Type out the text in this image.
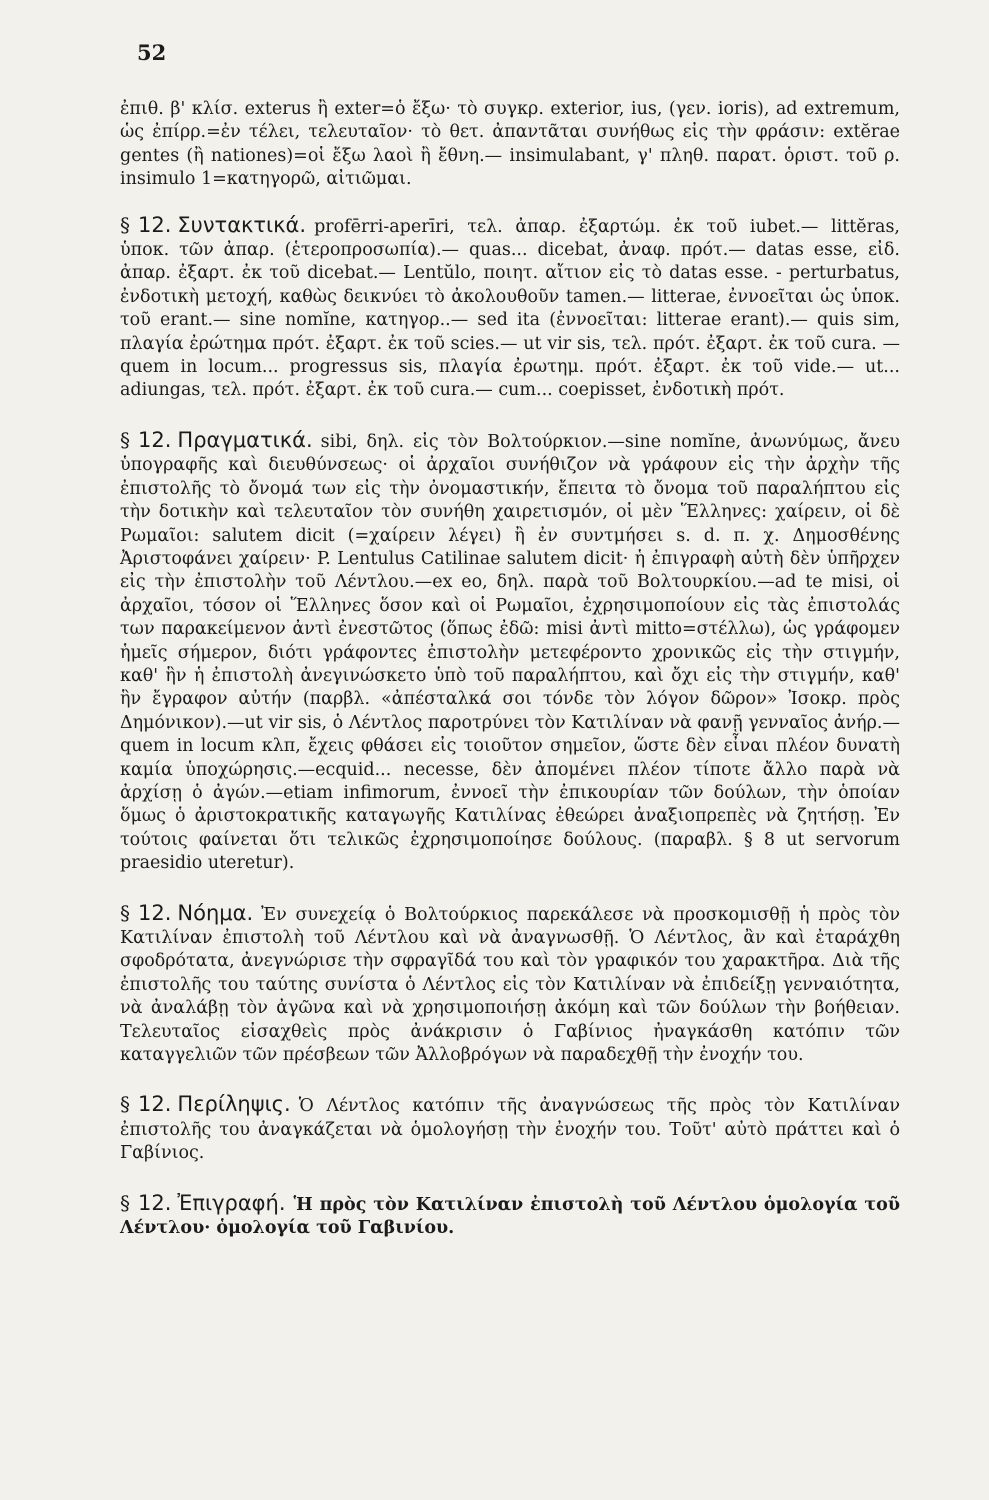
52

ἐπιθ. β' κλίσ. exterus ἢ exter=ὁ ἔξω· τὸ συγκρ. exterior, ius, (γεν. ioris), ad extremum, ὡς ἐπίρρ.=ἐν τέλει, τελευταῖον· τὸ θετ. ἀπαντᾶται συνήθως εἰς τὴν φράσιν: extĕrae gentes (ἢ nationes)=οἱ ἔξω λαοὶ ἢ ἔθνη.— insimulabant, γ' πληθ. παρατ. ὁριστ. τοῦ ρ. insimulo 1=κατηγορῶ, αἰτιῶμαι.

§ 12. Συντακτικά. profērri-aperīri, τελ. ἀπαρ. ἐξαρτώμ. ἐκ τοῦ iubet.— littĕras, ὑποκ. τῶν ἀπαρ. (ἑτεροπροσωπία).— quas... dicebat, ἀναφ. πρότ.— datas esse, εἰδ. ἀπαρ. ἐξαρτ. ἐκ τοῦ dicebat.— Lentŭlo, ποιητ. αἴτιον εἰς τὸ datas esse. - perturbatus, ἐνδοτικὴ μετοχή, καθὼς δεικνύει τὸ ἀκολουθοῦν tamen.— litterae, ἐννοεῖται ὡς ὑποκ. τοῦ erant.— sine nomĭne, κατηγορ..— sed ita (ἐννοεῖται: litterae erant).— quis sim, πλαγία ἐρώτημα πρότ. ἐξαρτ. ἐκ τοῦ scies.— ut vir sis, τελ. πρότ. ἐξαρτ. ἐκ τοῦ cura. — quem in locum... progressus sis, πλαγία ἐρωτημ. πρότ. ἐξαρτ. ἐκ τοῦ vide.— ut... adiungas, τελ. πρότ. ἐξαρτ. ἐκ τοῦ cura.— cum... coepisset, ἐνδοτικὴ πρότ.

§ 12. Πραγματικά. sibi, δηλ. εἰς τὸν Βολτούρκιον.—sine nomĭne, ἀνωνύμως, ἄνευ ὑπογραφῆς καὶ διευθύνσεως· οἱ ἀρχαῖοι συνήθιζον νὰ γράφουν εἰς τὴν ἀρχὴν τῆς ἐπιστολῆς τὸ ὄνομά των εἰς τὴν ὀνομαστικήν, ἔπειτα τὸ ὄνομα τοῦ παραλήπτου εἰς τὴν δοτικὴν καὶ τελευταῖον τὸν συνήθη χαιρετισμόν, οἱ μὲν Ἕλληνες: χαίρειν, οἱ δὲ Ρωμαῖοι: salutem dicit (=χαίρειν λέγει) ἢ ἐν συντμήσει s. d. π. χ. Δημοσθένης Ἀριστοφάνει χαίρειν· P. Lentulus Catilinae salutem dicit· ἡ ἐπιγραφὴ αὐτὴ δὲν ὑπῆρχεν εἰς τὴν ἐπιστολὴν τοῦ Λέντλου.—ex eo, δηλ. παρὰ τοῦ Βολτουρκίου.—ad te misi, οἱ ἀρχαῖοι, τόσον οἱ Ἕλληνες ὅσον καὶ οἱ Ρωμαῖοι, ἐχρησιμοποίουν εἰς τὰς ἐπιστολάς των παρακείμενον ἀντὶ ἐνεστῶτος (ὅπως ἐδῶ: misi ἀντὶ mitto=στέλλω), ὡς γράφομεν ἡμεῖς σήμερον, διότι γράφοντες ἐπιστολὴν μετεφέροντο χρονικῶς εἰς τὴν στιγμήν, καθ' ἣν ἡ ἐπιστολὴ ἀνεγινώσκετο ὑπὸ τοῦ παραλήπτου, καὶ ὄχι εἰς τὴν στιγμήν, καθ' ἣν ἔγραφον αὐτήν (παρβλ. «ἀπέσταλκά σοι τόνδε τὸν λόγον δῶρον» Ἰσοκρ. πρὸς Δημόνικον).—ut vir sis, ὁ Λέντλος παροτρύνει τὸν Κατιλίναν νὰ φανῇ γενναῖος ἀνήρ.—quem in locum κλπ, ἔχεις φθάσει εἰς τοιοῦτον σημεῖον, ὥστε δὲν εἶναι πλέον δυνατὴ καμία ὑποχώρησις.—ecquid... necesse, δὲν ἀπομένει πλέον τίποτε ἄλλο παρὰ νὰ ἀρχίσῃ ὁ ἀγών.—etiam infimorum, ἐννοεῖ τὴν ἐπικουρίαν τῶν δούλων, τὴν ὁποίαν ὅμως ὁ ἀριστοκρατικῆς καταγωγῆς Κατιλίνας ἐθεώρει ἀναξιοπρεπὲς νὰ ζητήσῃ. Ἐν τούτοις φαίνεται ὅτι τελικῶς ἐχρησιμοποίησε δούλους. (παραβλ. § 8 ut servorum praesidio uteretur).

§ 12. Νόημα. Ἐν συνεχείᾳ ὁ Βολτούρκιος παρεκάλεσε νὰ προσκομισθῇ ἡ πρὸς τὸν Κατιλίναν ἐπιστολὴ τοῦ Λέντλου καὶ νὰ ἀναγνωσθῇ. Ὁ Λέντλος, ἂν καὶ ἐταράχθη σφοδρότατα, ἀνεγνώρισε τὴν σφραγῖδά του καὶ τὸν γραφικόν του χαρακτῆρα. Διὰ τῆς ἐπιστολῆς του ταύτης συνίστα ὁ Λέντλος εἰς τὸν Κατιλίναν νὰ ἐπιδείξῃ γενναιότητα, νὰ ἀναλάβῃ τὸν ἀγῶνα καὶ νὰ χρησιμοποιήσῃ ἀκόμη καὶ τῶν δούλων τὴν βοήθειαν. Τελευταῖος εἰσαχθεὶς πρὸς ἀνάκρισιν ὁ Γαβίνιος ἠναγκάσθη κατόπιν τῶν καταγγελιῶν τῶν πρέσβεων τῶν Ἀλλοβρόγων νὰ παραδεχθῇ τὴν ἐνοχήν του.

§ 12. Περίληψις. Ὁ Λέντλος κατόπιν τῆς ἀναγνώσεως τῆς πρὸς τὸν Κατιλίναν ἐπιστολῆς του ἀναγκάζεται νὰ ὁμολογήσῃ τὴν ἐνοχήν του. Τοῦτ' αὐτὸ πράττει καὶ ὁ Γαβίνιος.

§ 12. Ἐπιγραφή. Ἡ πρὸς τὸν Κατιλίναν ἐπιστολὴ τοῦ Λέντλου ὁμολογία τοῦ Λέντλου· ὁμολογία τοῦ Γαβινίου.
